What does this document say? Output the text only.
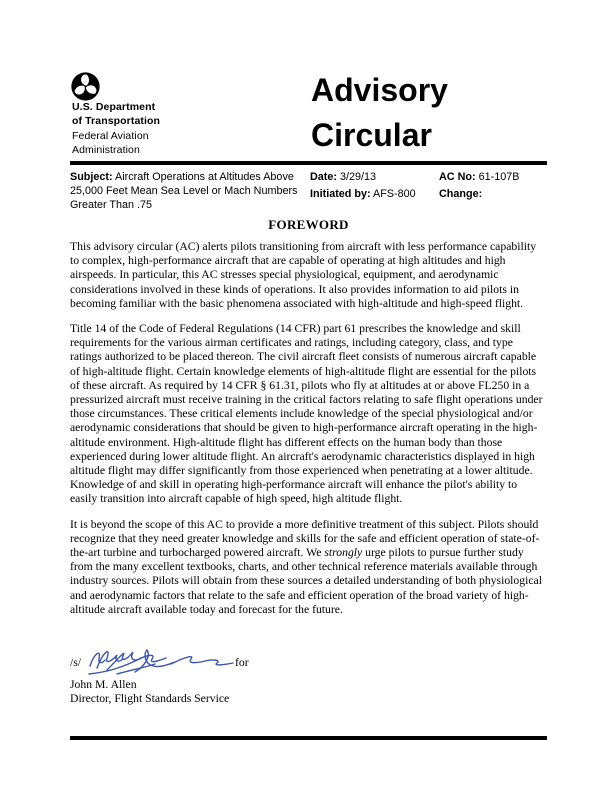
U.S. Department
of Transportation
Federal Aviation
Administration
Advisory
Circular
Subject: Aircraft Operations at Altitudes Above 25,000 Feet Mean Sea Level or Mach Numbers Greater Than .75
Date: 3/29/13
Initiated by: AFS-800
AC No: 61-107B
Change:
FOREWORD

This advisory circular (AC) alerts pilots transitioning from aircraft with less performance capability to complex, high-performance aircraft that are capable of operating at high altitudes and high airspeeds. In particular, this AC stresses special physiological, equipment, and aerodynamic considerations involved in these kinds of operations. It also provides information to aid pilots in becoming familiar with the basic phenomena associated with high-altitude and high-speed flight.

Title 14 of the Code of Federal Regulations (14 CFR) part 61 prescribes the knowledge and skill requirements for the various airman certificates and ratings, including category, class, and type ratings authorized to be placed thereon. The civil aircraft fleet consists of numerous aircraft capable of high-altitude flight. Certain knowledge elements of high-altitude flight are essential for the pilots of these aircraft. As required by 14 CFR § 61.31, pilots who fly at altitudes at or above FL250 in a pressurized aircraft must receive training in the critical factors relating to safe flight operations under those circumstances. These critical elements include knowledge of the special physiological and/or aerodynamic considerations that should be given to high-performance aircraft operating in the high-altitude environment. High-altitude flight has different effects on the human body than those experienced during lower altitude flight. An aircraft's aerodynamic characteristics displayed in high altitude flight may differ significantly from those experienced when penetrating at a lower altitude. Knowledge of and skill in operating high-performance aircraft will enhance the pilot's ability to easily transition into aircraft capable of high speed, high altitude flight.

It is beyond the scope of this AC to provide a more definitive treatment of this subject. Pilots should recognize that they need greater knowledge and skills for the safe and efficient operation of state-of-the-art turbine and turbocharged powered aircraft. We strongly urge pilots to pursue further study from the many excellent textbooks, charts, and other technical reference materials available through industry sources. Pilots will obtain from these sources a detailed understanding of both physiological and aerodynamic factors that relate to the safe and efficient operation of the broad variety of high-altitude aircraft available today and forecast for the future.

/s/	for
John M. Allen
Director, Flight Standards Service
